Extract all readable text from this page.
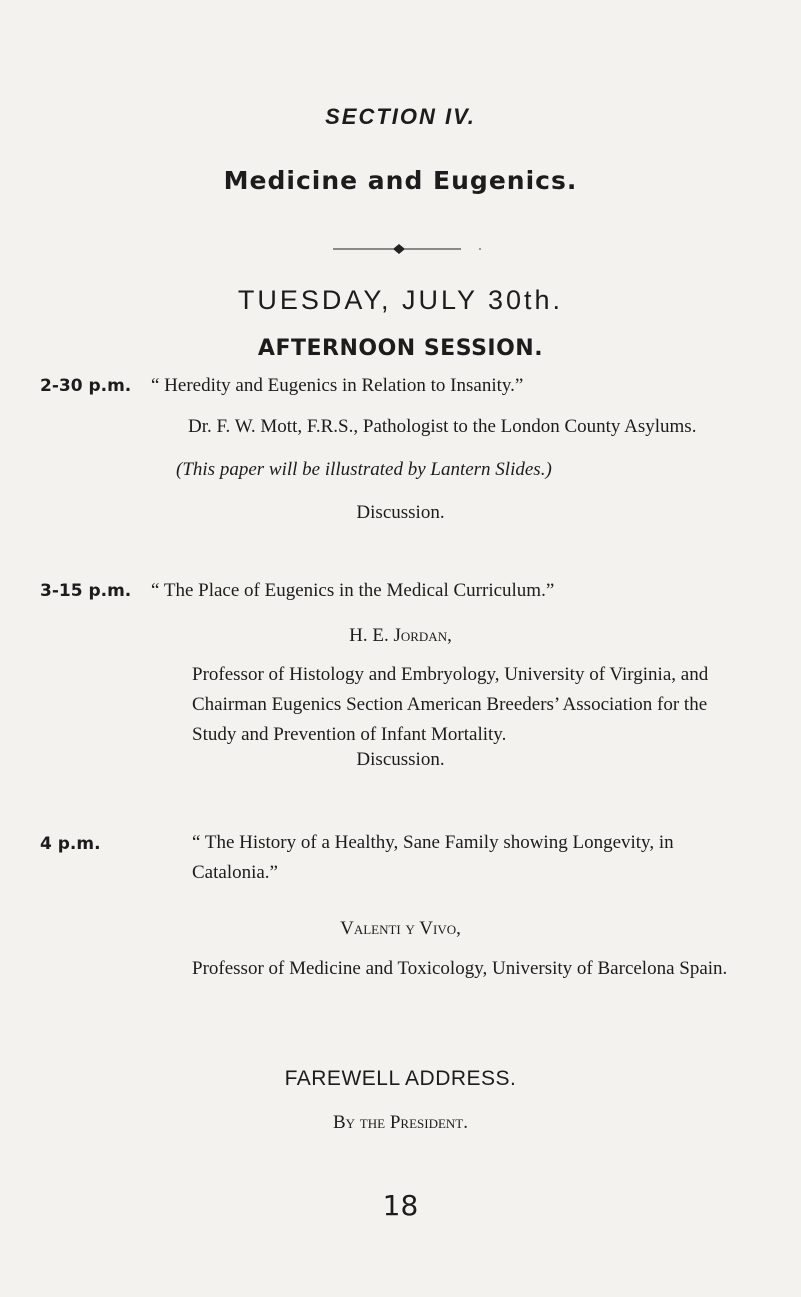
SECTION IV.
Medicine and Eugenics.
TUESDAY, JULY 30th.
AFTERNOON SESSION.
2-30 p.m. “ Heredity and Eugenics in Relation to Insanity.”
Dr. F. W. Mott, F.R.S., Pathologist to the London County Asylums.
(This paper will be illustrated by Lantern Slides.)
Discussion.
3-15 p.m. “ The Place of Eugenics in the Medical Curriculum.”
H. E. Jordan,
Professor of Histology and Embryology, University of Virginia, and Chairman Eugenics Section American Breeders’ Association for the Study and Prevention of Infant Mortality.
Discussion.
4 p.m.	“ The History of a Healthy, Sane Family showing Longevity, in Catalonia.”
Valenti y Vivo,
Professor of Medicine and Toxicology, University of Barcelona Spain.
FAREWELL ADDRESS.
By the President.
18
